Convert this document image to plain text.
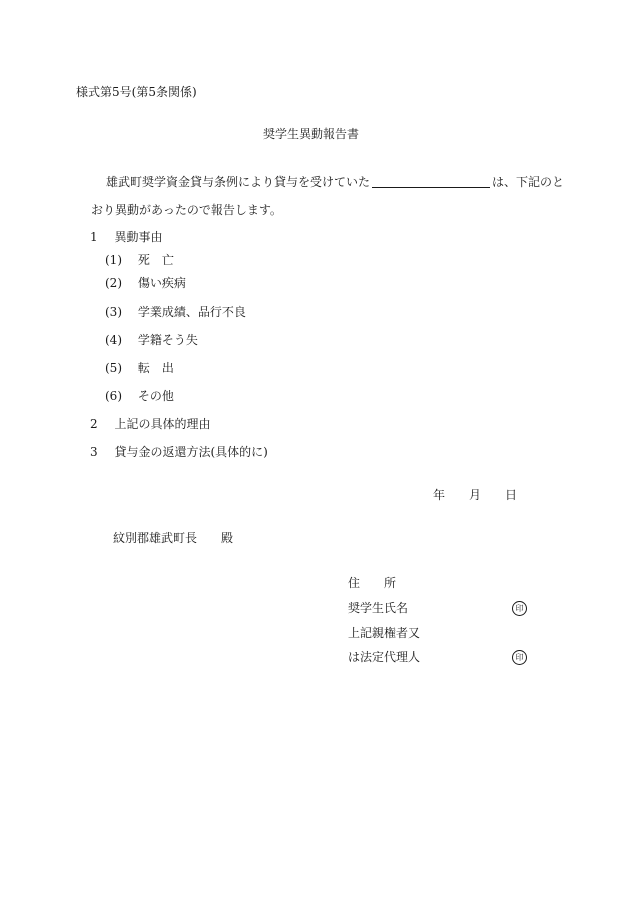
様式第5号(第5条関係)
奨学生異動報告書
雄武町奨学資金貸与条例により貸与を受けていた	は、下記のと
おり異動があったので報告します。
1 異動事由
(1) 死　亡
(2) 傷い疾病
(3) 学業成績、品行不良
(4) 学籍そう失
(5) 転　出
(6) その他
2 上記の具体的理由
3 貸与金の返還方法(具体的に)
年 月 日
紋別郡雄武町長　　殿
住　　所
奨学生氏名	印
上記親権者又
は法定代理人	印
